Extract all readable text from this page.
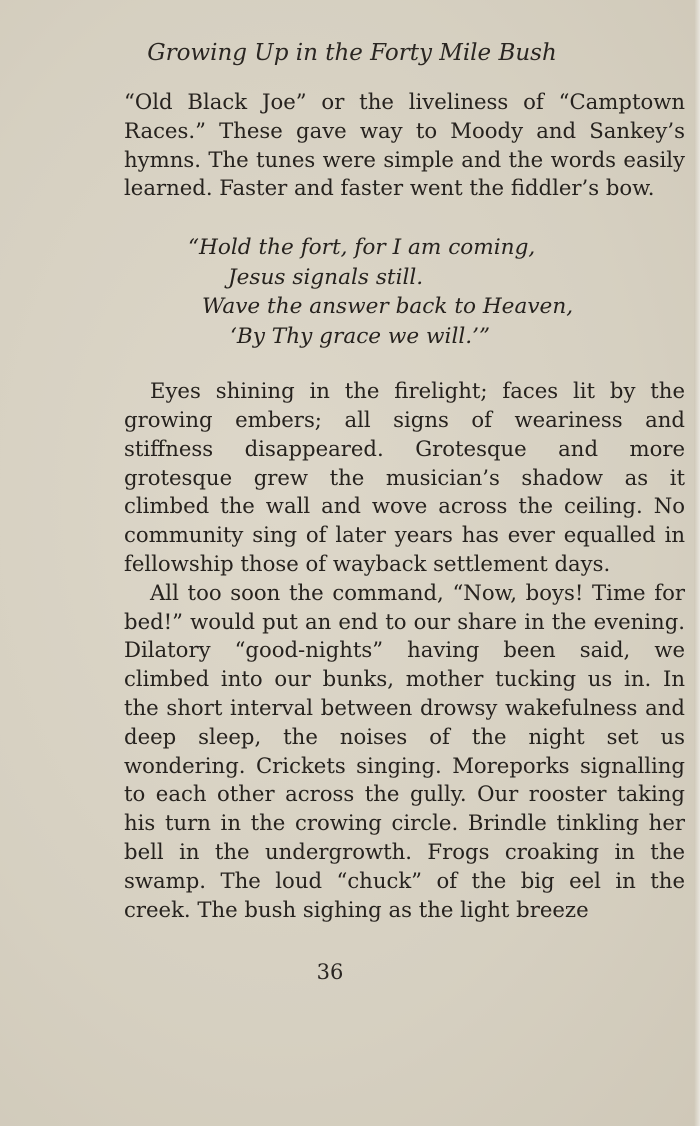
Growing Up in the Forty Mile Bush

“Old Black Joe” or the liveliness of “Camptown Races.” These gave way to Moody and Sankey’s hymns. The tunes were simple and the words easily learned. Faster and faster went the fiddler’s bow.

“Hold the fort, for I am coming,
Jesus signals still.
Wave the answer back to Heaven,
‘By Thy grace we will.’”

Eyes shining in the firelight; faces lit by the growing embers; all signs of weariness and stiffness disappeared. Grotesque and more grotesque grew the musician’s shadow as it climbed the wall and wove across the ceiling. No community sing of later years has ever equalled in fellowship those of wayback settlement days.

All too soon the command, “Now, boys! Time for bed!” would put an end to our share in the evening. Dilatory “good-nights” having been said, we climbed into our bunks, mother tucking us in. In the short interval between drowsy wakefulness and deep sleep, the noises of the night set us wondering. Crickets singing. Moreporks signalling to each other across the gully. Our rooster taking his turn in the crowing circle. Brindle tinkling her bell in the undergrowth. Frogs croaking in the swamp. The loud “chuck” of the big eel in the creek. The bush sighing as the light breeze

36
